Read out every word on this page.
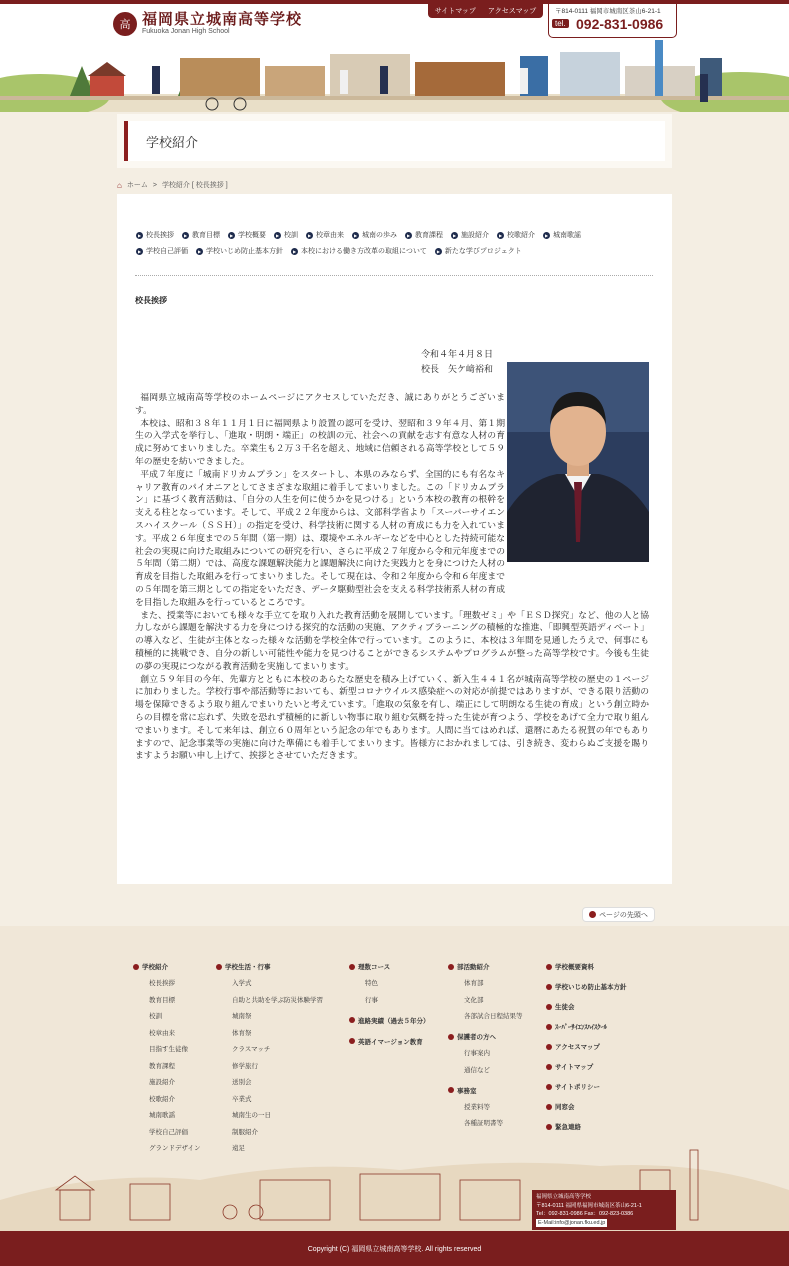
高 福岡県立城南高等学校
Fukuoka Jonan High School
サイトマップ アクセスマップ	〒814-0111 福岡市城南区茶山6-21-1
tel. 092-831-0986
学校紹介
⌂ ホーム > 学校紹介 [ 校長挨拶 ]
▶ 校長挨拶	▶ 教育目標	▶ 学校概要	▶ 校訓	▶ 校章由来	▶ 城南の歩み	▶ 教育課程	▶ 施設紹介	▶ 校歌紹介	▶ 城南歌謡
▶ 学校自己評価	▶ 学校いじめ防止基本方針	▶ 本校における働き方改革の取組について	▶ 新たな学びプロジェクト
校長挨拶
令和４年４月８日
校長　矢ケ﨑裕和

福岡県立城南高等学校のホームページにアクセスしていただき、誠にありがとうございます。

本校は、昭和３８年１１月１日に福岡県より設置の認可を受け、翌昭和３９年４月、第１期生の入学式を挙行し、「進取・明朗・端正」の校訓の元、社会への貢献を志す有意な人材の育成に努めてまいりました。卒業生も２万３千名を超え、地域に信頼される高等学校として５９年の歴史を紡いできました。

平成７年度に「城南ドリカムプラン」をスタートし、本県のみならず、全国的にも有名なキャリア教育のパイオニアとしてさまざまな取組に着手してまいりました。この「ドリカムプラン」に基づく教育活動は、「自分の人生を何に使うかを見つける」という本校の教育の根幹を支える柱となっています。そして、平成２２年度からは、文部科学省より「スーパーサイエンスハイスクール（ＳＳＨ）」の指定を受け、科学技術に関する人材の育成にも力を入れています。平成２６年度までの５年間（第一期）は、環境やエネルギーなどを中心とした持続可能な社会の実現に向けた取組みについての研究を行い、さらに平成２７年度から令和元年度までの５年間（第二期）では、高度な課題解決能力と課題解決に向けた実践力とを身につけた人材の育成を目指した取組みを行ってまいりました。そして現在は、令和２年度から令和６年度までの５年間を第三期としての指定をいただき、データ駆動型社会を支える科学技術系人材の育成を目指した取組みを行っているところです。

また、授業等においても様々な手立てを取り入れた教育活動を展開しています。「理数ゼミ」や「ＥＳＤ探究」など、他の人と協力しながら課題を解決する力を身につける探究的な活動の実施、アクティブラーニングの積極的な推進、「即興型英語ディベート」の導入など、生徒が主体となった様々な活動を学校全体で行っています。このように、本校は３年間を見通したうえで、何事にも積極的に挑戦でき、自分の新しい可能性や能力を見つけることができるシステムやプログラムが整った高等学校です。今後も生徒の夢の実現につながる教育活動を実施してまいります。

創立５９年目の今年、先輩方とともに本校のあらたな歴史を積み上げていく、新入生４４１名が城南高等学校の歴史の１ページに加わりました。学校行事や部活動等においても、新型コロナウイルス感染症への対応が前提ではありますが、できる限り活動の場を保障できるよう取り組んでまいりたいと考えています。「進取の気象を有し、端正にして明朗なる生徒の育成」という創立時からの目標を常に忘れず、失敗を恐れず積極的に新しい物事に取り組む気概を持った生徒が育つよう、学校をあげて全力で取り組んでまいります。そして来年は、創立６０周年という記念の年でもあります。人間に当てはめれば、還暦にあたる祝賀の年でもありますので、記念事業等の実施に向けた準備にも着手してまいります。皆様方におかれましては、引き続き、変わらぬご支援を賜りますようお願い申し上げて、挨拶とさせていただきます。

ページの先頭へ
学校紹介
校長挨拶
教育目標
校訓
校章由来
目指す生徒像
教育課程
施設紹介
校歌紹介
城南歌謡
学校自己評価
グランドデザイン
学校生活・行事
入学式
自助と共助を学ぶ防災体験学習
城南祭
体育祭
クラスマッチ
修学旅行
送別会
卒業式
城南生の一日
制服紹介
遠足
理数コース
特色
行事
進路実績（過去５年分）
英語イマージョン教育
部活動紹介
体育部
文化部
各部試合日程結果等
保護者の方へ
行事案内
通信など
事務室
授業料等
各種証明書等
学校概要資料
学校いじめ防止基本方針
生徒会
ｽｰﾊﾟｰｻｲｴﾝｽﾊｲｽｸｰﾙ
アクセスマップ
サイトマップ
サイトポリシー
同窓会
緊急連絡
福岡県立城南高等学校
〒814-0111 福岡県福岡市城南区茶山6-21-1
Tel：092-831-0986 Fax：092-823-0386
E-Mail:info@jonan.fku.ed.jp
Copyright (C) 福岡県立城南高等学校. All rights reserved
